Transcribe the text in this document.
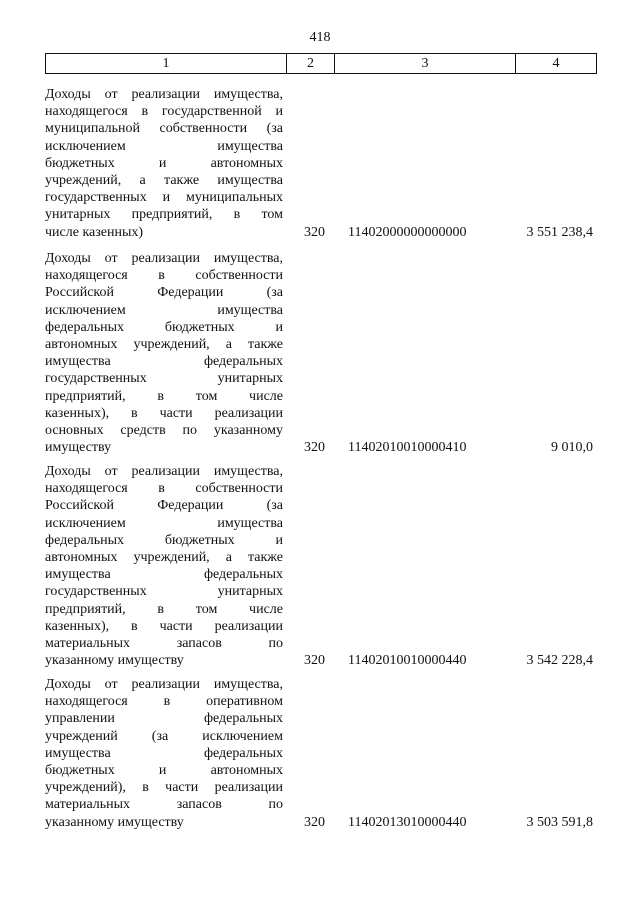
418
1	2	3	4
Доходы от реализации имущества,
находящегося в государственной и
муниципальной собственности (за
исключением имущества
бюджетных и автономных
учреждений, а также имущества
государственных и муниципальных
унитарных предприятий, в том
числе казенных)	320 11402000000000000	3 551 238,4
Доходы от реализации имущества,
находящегося в собственности
Российской Федерации (за
исключением имущества
федеральных бюджетных и
автономных учреждений, а также
имущества федеральных
государственных унитарных
предприятий, в том числе
казенных), в части реализации
основных средств по указанному
имуществу	320 11402010010000410	9 010,0
Доходы от реализации имущества,
находящегося в собственности
Российской Федерации (за
исключением имущества
федеральных бюджетных и
автономных учреждений, а также
имущества федеральных
государственных унитарных
предприятий, в том числе
казенных), в части реализации
материальных запасов по
указанному имуществу	320 11402010010000440	3 542 228,4
Доходы от реализации имущества,
находящегося в оперативном
управлении федеральных
учреждений (за исключением
имущества федеральных
бюджетных и автономных
учреждений), в части реализации
материальных запасов по
указанному имуществу	320 11402013010000440	3 503 591,8
